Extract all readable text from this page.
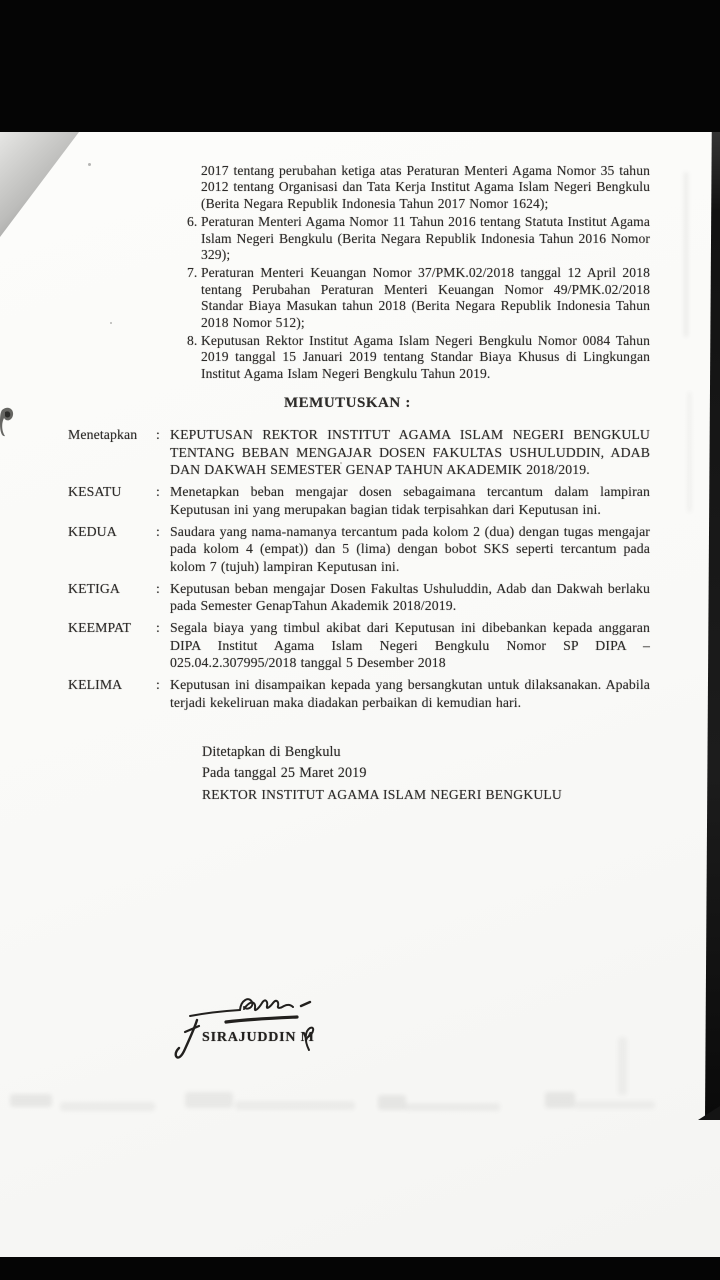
2017 tentang perubahan ketiga atas Peraturan Menteri Agama Nomor 35 tahun 2012 tentang Organisasi dan Tata Kerja Institut Agama Islam Negeri Bengkulu (Berita Negara Republik Indonesia Tahun 2017 Nomor 1624);

6. Peraturan Menteri Agama Nomor 11 Tahun 2016 tentang Statuta Institut Agama Islam Negeri Bengkulu (Berita Negara Republik Indonesia Tahun 2016 Nomor 329);

7. Peraturan Menteri Keuangan Nomor 37/PMK.02/2018 tanggal 12 April 2018 tentang Perubahan Peraturan Menteri Keuangan Nomor 49/PMK.02/2018 Standar Biaya Masukan tahun 2018 (Berita Negara Republik Indonesia Tahun 2018 Nomor 512);

8. Keputusan Rektor Institut Agama Islam Negeri Bengkulu Nomor 0084 Tahun 2019 tanggal 15 Januari 2019 tentang Standar Biaya Khusus di Lingkungan Institut Agama Islam Negeri Bengkulu Tahun 2019.

MEMUTUSKAN :
Menetapkan	: KEPUTUSAN REKTOR INSTITUT AGAMA ISLAM NEGERI BENGKULU TENTANG BEBAN MENGAJAR DOSEN FAKULTAS USHULUDDIN, ADAB DAN DAKWAH SEMESTER GENAP TAHUN AKADEMIK 2018/2019.

KESATU	: Menetapkan beban mengajar dosen sebagaimana tercantum dalam lampiran Keputusan ini yang merupakan bagian tidak terpisahkan dari Keputusan ini.

KEDUA	: Saudara yang nama-namanya tercantum pada kolom 2 (dua) dengan tugas mengajar pada kolom 4 (empat)) dan 5 (lima) dengan bobot SKS seperti tercantum pada kolom 7 (tujuh) lampiran Keputusan ini.

KETIGA	: Keputusan beban mengajar Dosen Fakultas Ushuluddin, Adab dan Dakwah berlaku pada Semester GenapTahun Akademik 2018/2019.

KEEMPAT	: Segala biaya yang timbul akibat dari Keputusan ini dibebankan kepada anggaran DIPA Institut Agama Islam Negeri Bengkulu Nomor SP DIPA – 025.04.2.307995/2018 tanggal 5 Desember 2018

KELIMA	: Keputusan ini disampaikan kepada yang bersangkutan untuk dilaksanakan. Apabila terjadi kekeliruan maka diadakan perbaikan di kemudian hari.

Ditetapkan di Bengkulu
Pada tanggal 25 Maret 2019
REKTOR INSTITUT AGAMA ISLAM NEGERI BENGKULU
SIRAJUDDIN M
